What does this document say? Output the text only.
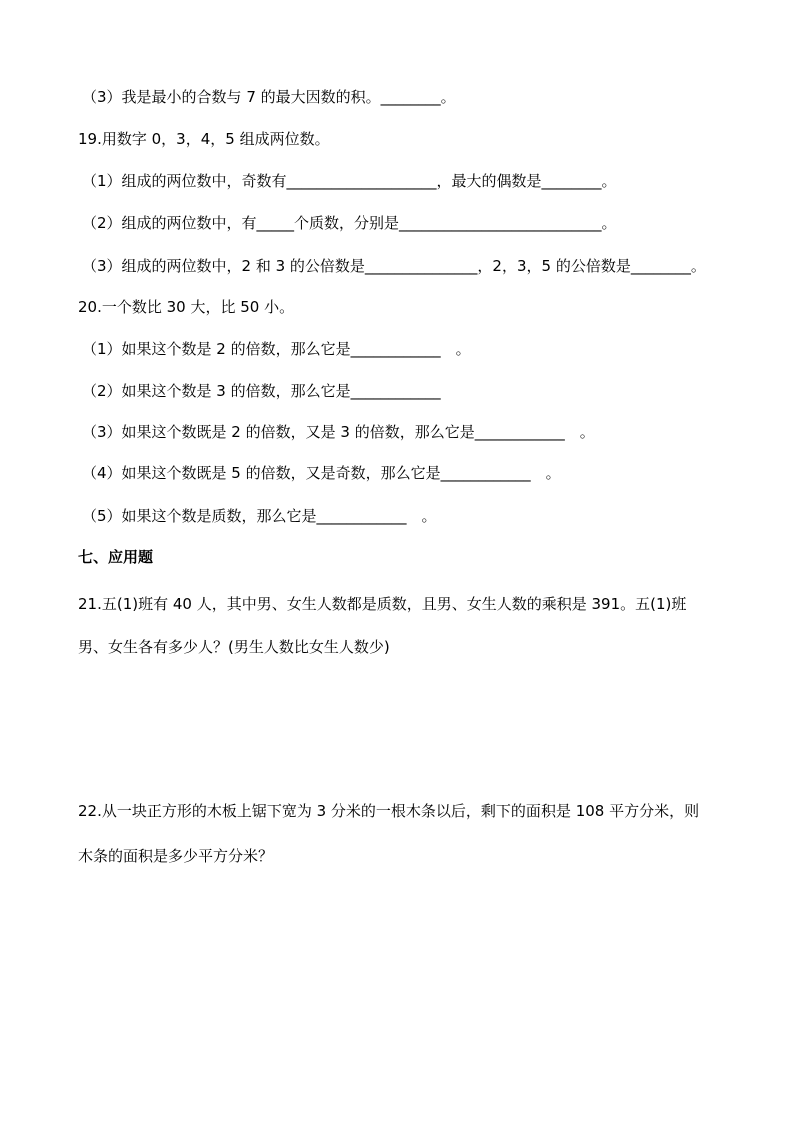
（3）我是最小的合数与 7 的最大因数的积。________。
19.用数字 0，3，4，5 组成两位数。
（1）组成的两位数中，奇数有____________________，最大的偶数是________。
（2）组成的两位数中，有_____个质数，分别是___________________________。
（3）组成的两位数中，2 和 3 的公倍数是_______________，2，3，5 的公倍数是________。
20.一个数比 30 大，比 50 小。
（1）如果这个数是 2 的倍数，那么它是____________　。
（2）如果这个数是 3 的倍数，那么它是____________
（3）如果这个数既是 2 的倍数，又是 3 的倍数，那么它是____________　。
（4）如果这个数既是 5 的倍数，又是奇数，那么它是____________　。
（5）如果这个数是质数，那么它是____________　。
七、应用题
21.五(1)班有 40 人，其中男、女生人数都是质数，且男、女生人数的乘积是 391。五(1)班
男、女生各有多少人？(男生人数比女生人数少)
22.从一块正方形的木板上锯下宽为 3 分米的一根木条以后，剩下的面积是 108 平方分米，则
木条的面积是多少平方分米？
